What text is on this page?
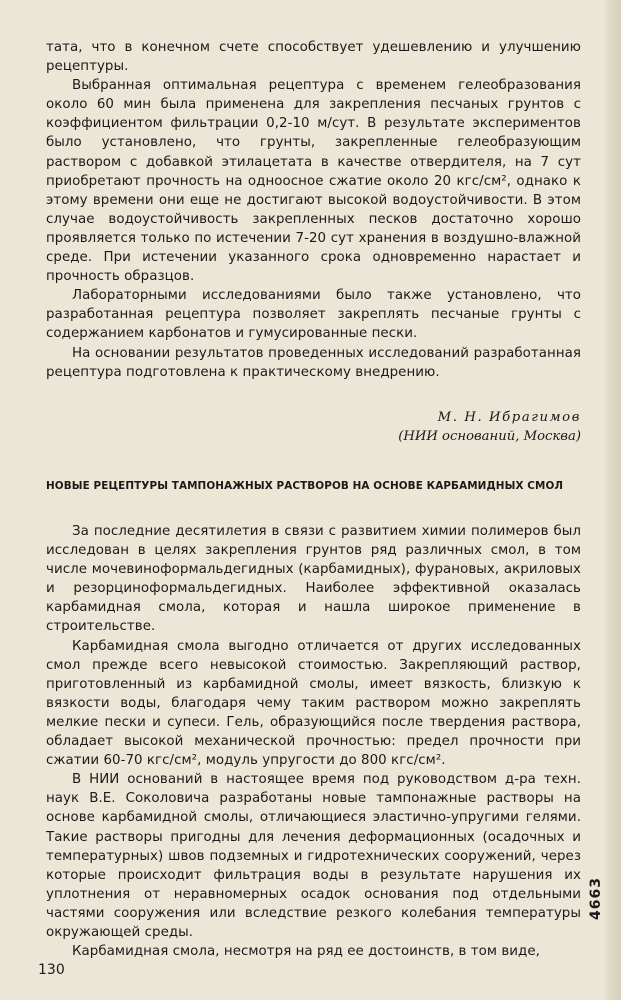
тата, что в конечном счете способствует удешевлению и улучшению рецептуры.

Выбранная оптимальная рецептура с временем гелеобразования около 60 мин была применена для закрепления песчаных грунтов с коэффициентом фильтрации 0,2-10 м/сут. В результате экспериментов было установлено, что грунты, закрепленные гелеобразующим раствором с добавкой этилацетата в качестве отвердителя, на 7 сут приобретают прочность на одноосное сжатие около 20 кгс/см², однако к этому времени они еще не достигают высокой водоустойчивости. В этом случае водоустойчивость закрепленных песков достаточно хорошо проявляется только по истечении 7-20 сут хранения в воздушно-влажной среде. При истечении указанного срока одновременно нарастает и прочность образцов.

Лабораторными исследованиями было также установлено, что разработанная рецептура позволяет закреплять песчаные грунты с содержанием карбонатов и гумусированные пески.

На основании результатов проведенных исследований разработанная рецептура подготовлена к практическому внедрению.

М. Н. Ибрагимов
(НИИ оснований, Москва)
НОВЫЕ РЕЦЕПТУРЫ ТАМПОНАЖНЫХ РАСТВОРОВ НА ОСНОВЕ КАРБАМИДНЫХ СМОЛ

За последние десятилетия в связи с развитием химии полимеров был исследован в целях закрепления грунтов ряд различных смол, в том числе мочевиноформальдегидных (карбамидных), фурановых, акриловых и резорциноформальдегидных. Наиболее эффективной оказалась карбамидная смола, которая и нашла широкое применение в строительстве.

Карбамидная смола выгодно отличается от других исследованных смол прежде всего невысокой стоимостью. Закрепляющий раствор, приготовленный из карбамидной смолы, имеет вязкость, близкую к вязкости воды, благодаря чему таким раствором можно закреплять мелкие пески и супеси. Гель, образующийся после твердения раствора, обладает высокой механической прочностью: предел прочности при сжатии 60-70 кгс/см², модуль упругости до 800 кгс/см².

В НИИ оснований в настоящее время под руководством д-ра техн. наук В.Е. Соколовича разработаны новые тампонажные растворы на основе карбамидной смолы, отличающиеся эластично-упругими гелями. Такие растворы пригодны для лечения деформационных (осадочных и температурных) швов подземных и гидротехнических сооружений, через которые происходит фильтрация воды в результате нарушения их уплотнения от неравномерных осадок основания под отдельными частями сооружения или вследствие резкого колебания температуры окружающей среды.

Карбамидная смола, несмотря на ряд ее достоинств, в том виде,

130
4663
